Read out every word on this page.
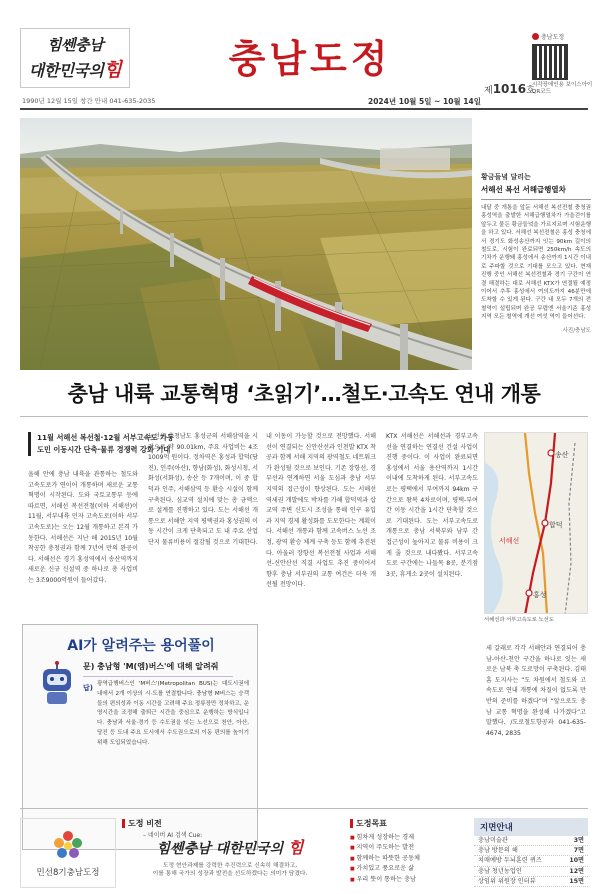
힘쎈충남
대한민국의힘	충남도정	충남도정
시각장애인용 보이스아이 QR코드
제1016호
1990년 12월 15일 창간 안내 041-635-2035	2024년 10월 5일 ~ 10월 14일
황금들녘 달리는
서해선 복선 서해급행열차
내달 중 개통을 앞둔 서해선 복선전철 충청권 홍성역을 출발한 서해급행열차가 가을걷이를 앞두고 물든 황금들녘을 가르지르며 시험운행을 하고 있다. 서해선 복선전철은 홍성 충청에서 경기도 화성송산까지 잇는 90km 길이의 철도로, 시험이 완료되면 250km/h 속도의 기차가 운행돼 홍성에서 송산까지 1시간 이내로 주파할 것으로 기대를 모으고 있다. 현재 진행 중인 서해선 복선전철과 경기 구간이 연결 해결하는 대로 서해선 KTX가 연결될 예정이어서 추후 홍성에서 여의도까지 46분만에 도착할 수 있게 된다. 구간 내 모두 7개의 전철역이 설립되며 완공 무렵엔 서울기준 홍성지역 모든 철역에 개선 여섯 역이 들어선다.
사진/충남도
충남 내륙 교통혁명 ‘초읽기’…철도·고속도 연내 개통
11월 서해선 복선철·12월 서부고속도 가동
도민 이동시간 단축·물류 경쟁력 강화 기대
올해 안에 충남 내륙을 관통하는 철도와 고속도로가 연이어 개통하며 새로운 교통혁명이 시작된다. 도와 국토교통부 등에 따르면, 서해선 복선전철(이하 서해선)이 11월, 서부내륙 민자 고속도로(이하 서부고속도로)는 오는 12월 개통하고 본격 가동한다. 서해선은 지난 해 2015년 10월 착공한 충청권과 함께 7년여 만의 완공이다. 서해선은 경기 홍성역에서 송산역까지 새로운 신규 신설역 중 하나로 총 사업비는 3조9000억원이 들어갔다.
노선은 충청남도 홍성군의 서해삼역을 시작으로 약 90.01km, 주요 사업비는 4조 1009억 원이다. 정차역은 홍성과 합덕(당진), 인주(아산), 향남(화성), 화성시청, 서화성(서화성), 송산 등 7개이며, 이 중 합덕과 인주, 서해삼역 등 환승 시설이 함께 구축된다. 심교역 설치에 맞는 총 금액으로 설계를 진행하고 있다. 도는 서해선 개통으로 서해안 지역 평택권과 홍성권의 이동 시간이 크게 단축되고 도 내 주요 산업단지 물류비용이 절감될 것으로 기대한다.
내 이동이 가능할 것으로 전망했다. 서해선이 연결되는 신안산선과 인천발 KTX 착공과 함께 서해 지역의 광역철도 네트워크가 완성될 것으로 보인다. 기존 장항선, 경부선과 연계하면 서울 도심과 충남 서부 지역의 접근성이 향상된다. 도는 서해선 역세권 개발에도 박차를 가해 합덕역과 삽교역 주변 신도시 조성을 통해 인구 유입과 지역 경제 활성화를 도모한다는 계획이다. 서해선 개통과 함께 고속버스 노선 조정, 광역 환승 체계 구축 등도 함께 추진된다. 아울러 장항선 복선전철 사업과 서해선-신안산선 직결 사업도 추진 중이어서 향후 충남 서부권의 교통 여건은 더욱 개선될 전망이다.
KTX 서해선은 서해선과 경부고속선을 연결하는 연결선 건설 사업이 진행 중이다. 이 사업이 완료되면 홍성에서 서울 용산역까지 1시간 이내에 도착하게 된다. 서부고속도로는 평택에서 부여까지 94km 구간으로 왕복 4차로이며, 평택-부여 간 이동 시간을 1시간 단축할 것으로 기대된다. 도는 서부고속도로 개통으로 충남 서북부와 남부 간 접근성이 높아지고 물류 비용이 크게 줄 것으로 내다봤다. 서부고속도로 구간에는 나들목 8곳, 분기점 3곳, 휴게소 2곳이 설치된다.
송산
합덕
홍성
서해선
서해선과 서부고속도로 노선도
세 갈래로 각각 서해안과 연결되어 충남-아산-천안 구간을 하나로 잇는 새로운 남북 축 도로망이 구축된다. 김태흠 도지사는 “도 차원에서 철도와 고속도로 연내 개통에 차질이 없도록 만반의 준비를 하겠다”며 “앞으로도 충남 교통 혁명을 완성해 나가겠다”고 말했다. /도로철도항공과 041-635-4674, 2835
AI가 알려주는 용어풀이
문) 충남형 'M(엠)버스'에 대해 알려줘
답) 광역급행버스인 'M버스'(Metropolitan BUS)는 대도시권에 내에서 2개 이상의 시·도를 연결합니다. 충남형 M버스는 승객들의 편의성과 이동 시간을 고려해 주요 정류장만 정차하고, 운영시간을 조정해 출퇴근 시간을 중심으로 운행하는 방식입니다. 충남과 서울·경기 등 수도권을 잇는 노선으로 천안, 아산, 당진 등 도내 주요 도시에서 수도권으로의 이동 편의를 높이기 위해 도입되었습니다.
– 네이버 AI 검색 Cue:
민선8기충남도정
도정 비전
힘쎈충남 대한민국의 힘
도정 현안과제를 강력한 추진력으로 신속히 해결하고,
이를 통해 국가의 성장과 발전을 선도하겠다는 의미가 담겼다.
도정목표
■ 힘차게 성장하는 경제
■ 지역이 주도하는 발전
■ 함께하는 따뜻한 공동체
■ 가치있고 풍요로운 삶
■ 우리 뜻이 통하는 충남
지면안내
충남미술관	3면
충남 방문의 해	7면
치매예방 두뇌훈련 퀴즈	10면
충남 청년농업인	12면
상임위 위원장 인터뷰	15면
